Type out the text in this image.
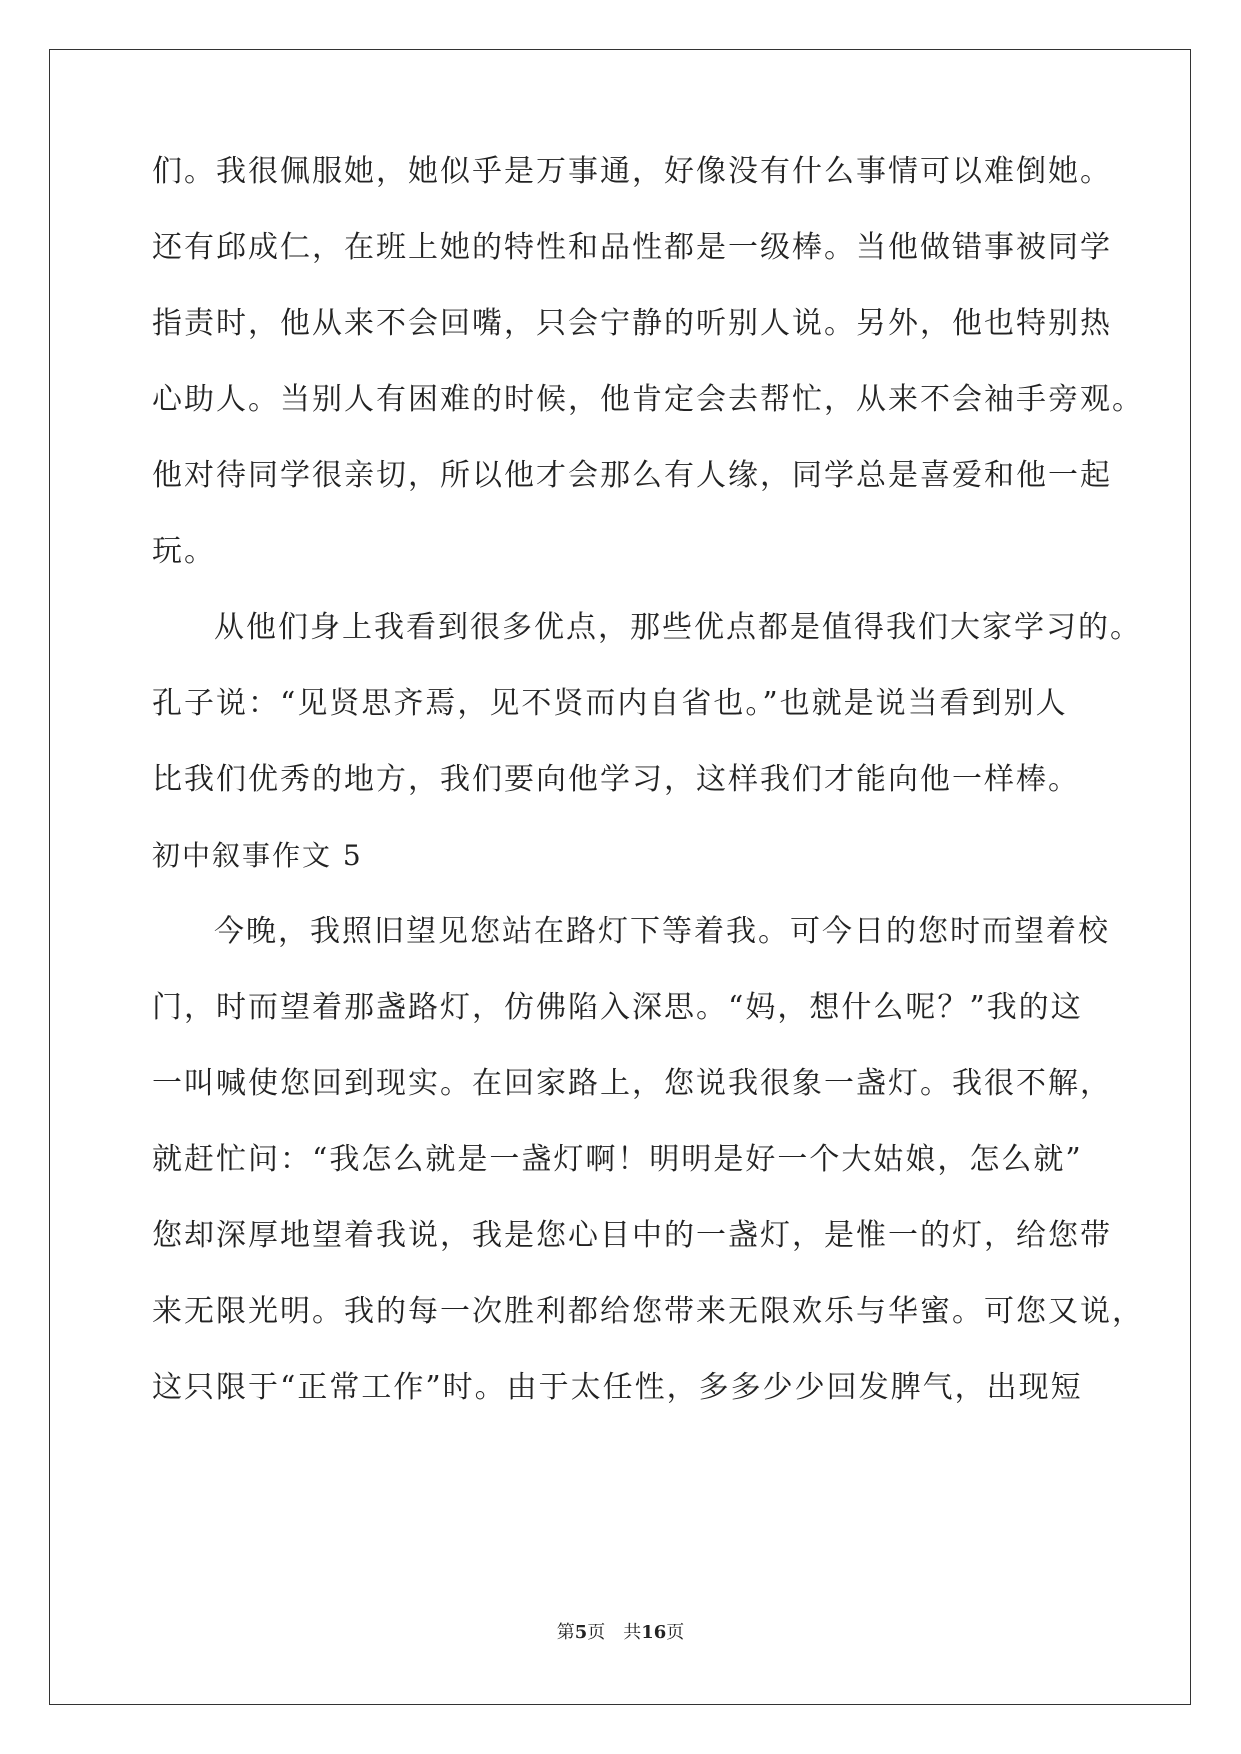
们。我很佩服她，她似乎是万事通，好像没有什么事情可以难倒她。
还有邱成仁，在班上她的特性和品性都是一级棒。当他做错事被同学
指责时，他从来不会回嘴，只会宁静的听别人说。另外，他也特别热
心助人。当别人有困难的时候，他肯定会去帮忙，从来不会袖手旁观。
他对待同学很亲切，所以他才会那么有人缘，同学总是喜爱和他一起
玩。
从他们身上我看到很多优点，那些优点都是值得我们大家学习的。
孔子说：“见贤思齐焉，见不贤而内自省也。”也就是说当看到别人
比我们优秀的地方，我们要向他学习，这样我们才能向他一样棒。
初中叙事作文 5
今晚，我照旧望见您站在路灯下等着我。可今日的您时而望着校
门，时而望着那盏路灯，仿佛陷入深思。“妈，想什么呢？”我的这
一叫喊使您回到现实。在回家路上，您说我很象一盏灯。我很不解，
就赶忙问：“我怎么就是一盏灯啊！明明是好一个大姑娘，怎么就”
您却深厚地望着我说，我是您心目中的一盏灯，是惟一的灯，给您带
来无限光明。我的每一次胜利都给您带来无限欢乐与华蜜。可您又说，
这只限于“正常工作”时。由于太任性，多多少少回发脾气，出现短
第5页 共16页
